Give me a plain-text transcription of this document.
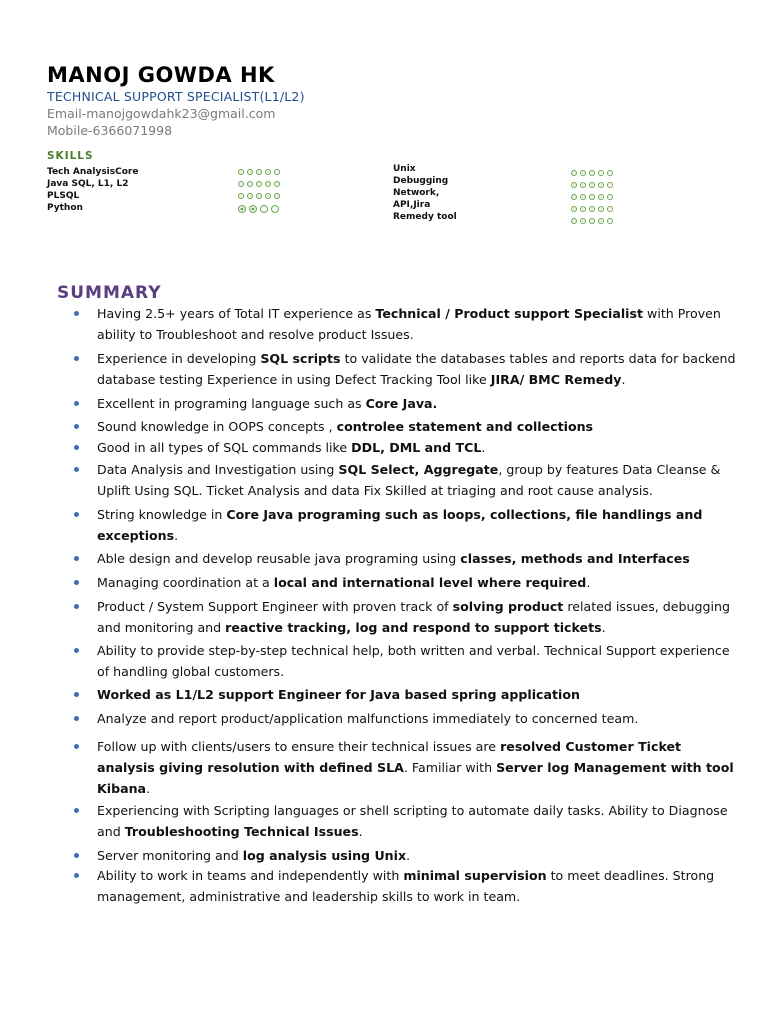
MANOJ GOWDA HK
TECHNICAL SUPPORT SPECIALIST(L1/L2)
Email-manojgowdahk23@gmail.com
Mobile-6366071998
SKILLS
Tech AnalysisCore
Java SQL, L1, L2
PLSQL
Python
Unix
Debugging
Network,
API,Jira
Remedy tool
SUMMARY
Having 2.5+ years of Total IT experience as Technical / Product support Specialist with Proven ability to Troubleshoot and resolve product Issues.
Experience in developing SQL scripts to validate the databases tables and reports data for backend database testing Experience in using Defect Tracking Tool like JIRA/ BMC Remedy.
Excellent in programing language such as Core Java.
Sound knowledge in OOPS concepts , controlee statement and collections
Good in all types of SQL commands like DDL, DML and TCL.
Data Analysis and Investigation using SQL Select, Aggregate, group by features Data Cleanse & Uplift Using SQL. Ticket Analysis and data Fix Skilled at triaging and root cause analysis.
String knowledge in Core Java programing such as loops, collections, file handlings and exceptions.
Able design and develop reusable java programing using classes, methods and Interfaces
Managing coordination at a local and international level where required.
Product / System Support Engineer with proven track of solving product related issues, debugging and monitoring and reactive tracking, log and respond to support tickets.
Ability to provide step-by-step technical help, both written and verbal. Technical Support experience of handling global customers.
Worked as L1/L2 support Engineer for Java based spring application
Analyze and report product/application malfunctions immediately to concerned team.
Follow up with clients/users to ensure their technical issues are resolved Customer Ticket analysis giving resolution with defined SLA. Familiar with Server log Management with tool Kibana.
Experiencing with Scripting languages or shell scripting to automate daily tasks. Ability to Diagnose and Troubleshooting Technical Issues.
Server monitoring and log analysis using Unix.
Ability to work in teams and independently with minimal supervision to meet deadlines. Strong management, administrative and leadership skills to work in team.
